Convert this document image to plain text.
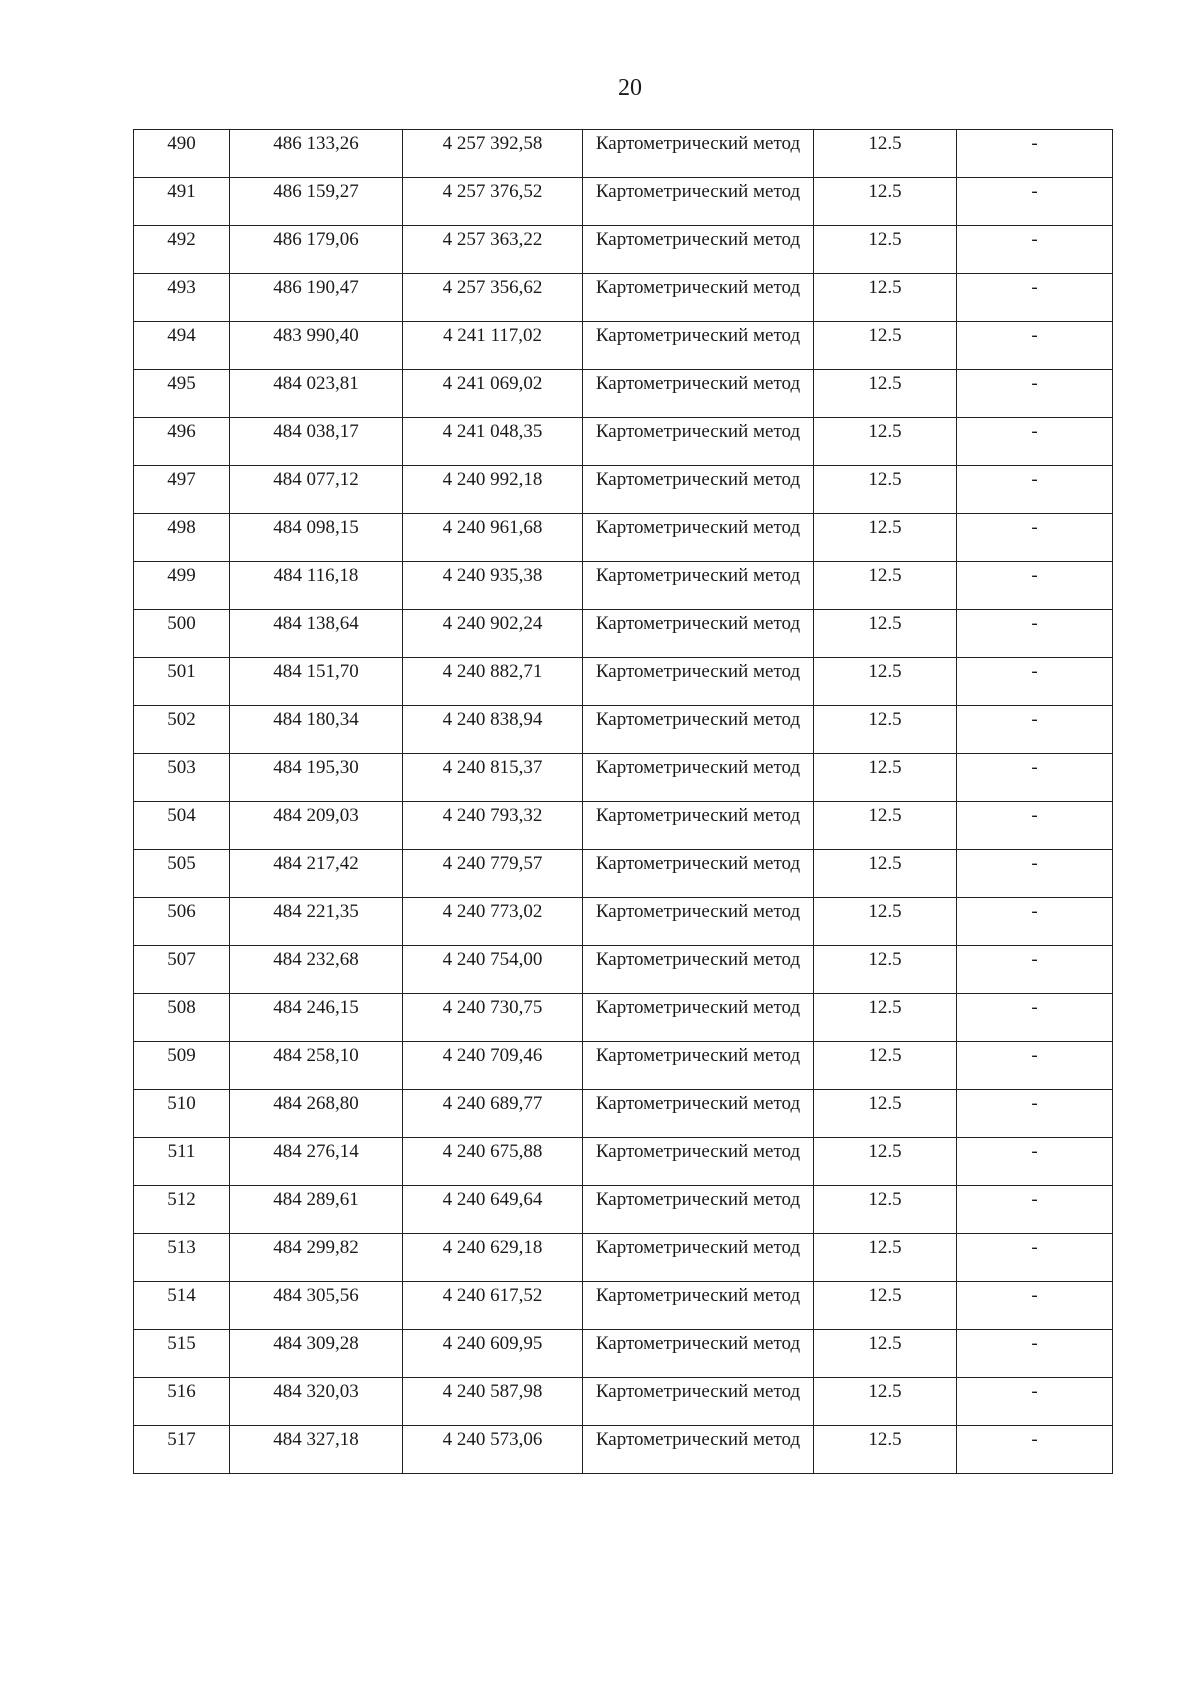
20
490	486 133,26	4 257 392,58	Картометрический метод	12.5	-
491	486 159,27	4 257 376,52	Картометрический метод	12.5	-
492	486 179,06	4 257 363,22	Картометрический метод	12.5	-
493	486 190,47	4 257 356,62	Картометрический метод	12.5	-
494	483 990,40	4 241 117,02	Картометрический метод	12.5	-
495	484 023,81	4 241 069,02	Картометрический метод	12.5	-
496	484 038,17	4 241 048,35	Картометрический метод	12.5	-
497	484 077,12	4 240 992,18	Картометрический метод	12.5	-
498	484 098,15	4 240 961,68	Картометрический метод	12.5	-
499	484 116,18	4 240 935,38	Картометрический метод	12.5	-
500	484 138,64	4 240 902,24	Картометрический метод	12.5	-
501	484 151,70	4 240 882,71	Картометрический метод	12.5	-
502	484 180,34	4 240 838,94	Картометрический метод	12.5	-
503	484 195,30	4 240 815,37	Картометрический метод	12.5	-
504	484 209,03	4 240 793,32	Картометрический метод	12.5	-
505	484 217,42	4 240 779,57	Картометрический метод	12.5	-
506	484 221,35	4 240 773,02	Картометрический метод	12.5	-
507	484 232,68	4 240 754,00	Картометрический метод	12.5	-
508	484 246,15	4 240 730,75	Картометрический метод	12.5	-
509	484 258,10	4 240 709,46	Картометрический метод	12.5	-
510	484 268,80	4 240 689,77	Картометрический метод	12.5	-
511	484 276,14	4 240 675,88	Картометрический метод	12.5	-
512	484 289,61	4 240 649,64	Картометрический метод	12.5	-
513	484 299,82	4 240 629,18	Картометрический метод	12.5	-
514	484 305,56	4 240 617,52	Картометрический метод	12.5	-
515	484 309,28	4 240 609,95	Картометрический метод	12.5	-
516	484 320,03	4 240 587,98	Картометрический метод	12.5	-
517	484 327,18	4 240 573,06	Картометрический метод	12.5	-
